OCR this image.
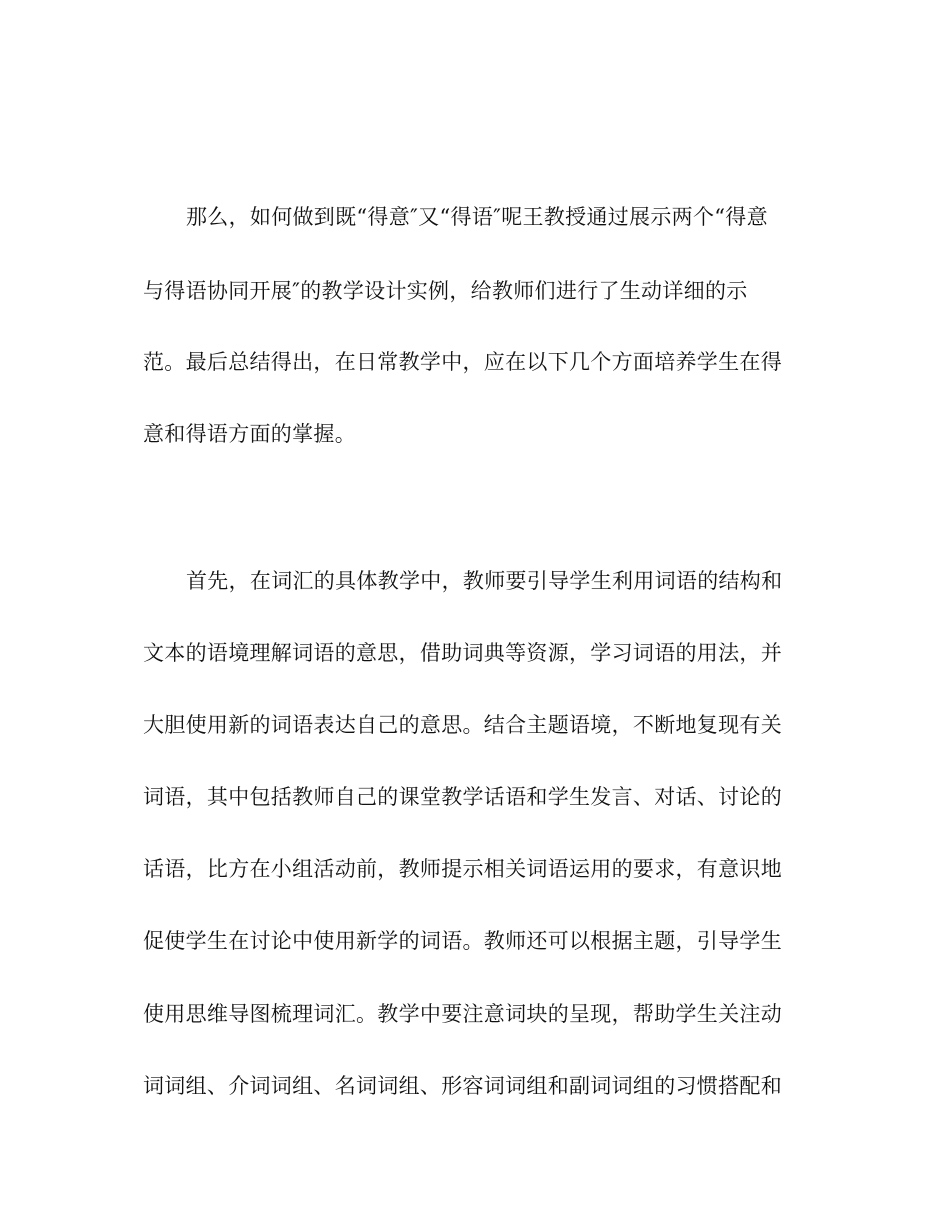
那么，如何做到既“得意″又“得语″呢王教授通过展示两个“得意
与得语协同开展″的教学设计实例，给教师们进行了生动详细的示
范。最后总结得出，在日常教学中，应在以下几个方面培养学生在得
意和得语方面的掌握。
首先，在词汇的具体教学中，教师要引导学生利用词语的结构和
文本的语境理解词语的意思，借助词典等资源，学习词语的用法，并
大胆使用新的词语表达自己的意思。结合主题语境，不断地复现有关
词语，其中包括教师自己的课堂教学话语和学生发言、对话、讨论的
话语，比方在小组活动前，教师提示相关词语运用的要求，有意识地
促使学生在讨论中使用新学的词语。教师还可以根据主题，引导学生
使用思维导图梳理词汇。教学中要注意词块的呈现，帮助学生关注动
词词组、介词词组、名词词组、形容词词组和副词词组的习惯搭配和
